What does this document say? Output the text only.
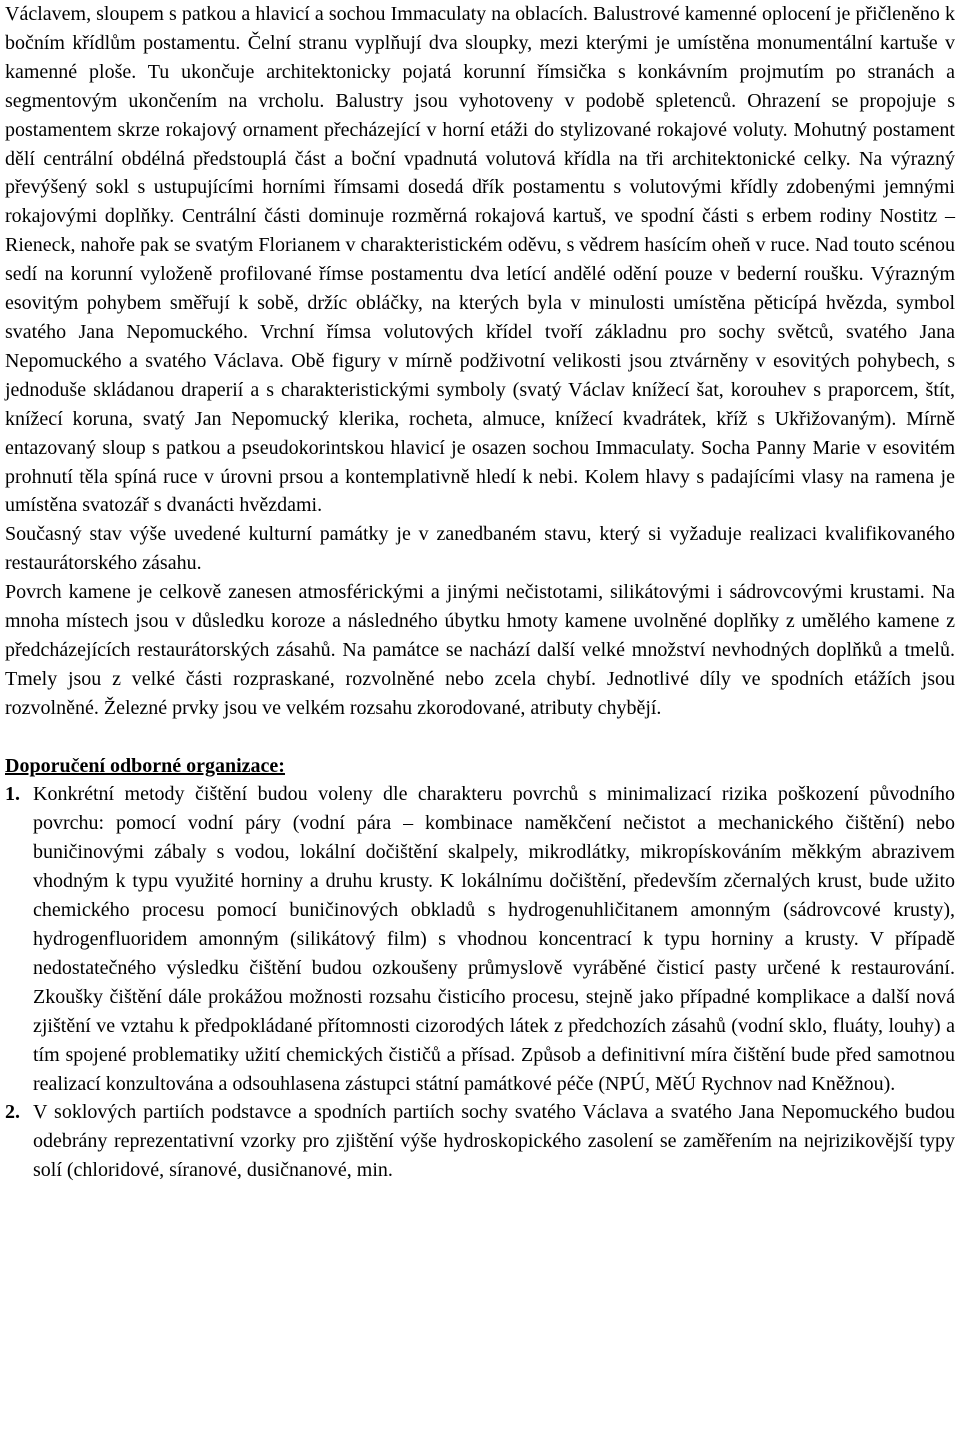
Václavem, sloupem s patkou a hlavicí a sochou Immaculaty na oblacích. Balustrové kamenné oplocení je přičleněno k bočním křídlům postamentu. Čelní stranu vyplňují dva sloupky, mezi kterými je umístěna monumentální kartuše v kamenné ploše. Tu ukončuje architektonicky pojatá korunní římsička s konkávním projmutím po stranách a segmentovým ukončením na vrcholu. Balustry jsou vyhotoveny v podobě spletenců. Ohrazení se propojuje s postamentem skrze rokajový ornament přecházející v horní etáži do stylizované rokajové voluty. Mohutný postament dělí centrální obdélná předstouplá část a boční vpadnutá volutová křídla na tři architektonické celky. Na výrazný převýšený sokl s ustupujícími horními římsami dosedá dřík postamentu s volutovými křídly zdobenými jemnými rokajovými doplňky. Centrální části dominuje rozměrná rokajová kartuš, ve spodní části s erbem rodiny Nostitz – Rieneck, nahoře pak se svatým Florianem v charakteristickém oděvu, s vědrem hasícím oheň v ruce. Nad touto scénou sedí na korunní vyloženě profilované římse postamentu dva letící andělé odění pouze v bederní roušku. Výrazným esovitým pohybem směřují k sobě, držíc obláčky, na kterých byla v minulosti umístěna pěticípá hvězda, symbol svatého Jana Nepomuckého. Vrchní římsa volutových křídel tvoří základnu pro sochy světců, svatého Jana Nepomuckého a svatého Václava. Obě figury v mírně podživotní velikosti jsou ztvárněny v esovitých pohybech, s jednoduše skládanou draperií a s charakteristickými symboly (svatý Václav knížecí šat, korouhev s praporcem, štít, knížecí koruna, svatý Jan Nepomucký klerika, rocheta, almuce, knížecí kvadrátek, kříž s Ukřižovaným). Mírně entazovaný sloup s patkou a pseudokorintskou hlavicí je osazen sochou Immaculaty. Socha Panny Marie v esovitém prohnutí těla spíná ruce v úrovni prsou a kontemplativně hledí k nebi. Kolem hlavy s padajícími vlasy na ramena je umístěna svatozář s dvanácti hvězdami.

Současný stav výše uvedené kulturní památky je v zanedbaném stavu, který si vyžaduje realizaci kvalifikovaného restaurátorského zásahu.

Povrch kamene je celkově zanesen atmosférickými a jinými nečistotami, silikátovými i sádrovcovými krustami. Na mnoha místech jsou v důsledku koroze a následného úbytku hmoty kamene uvolněné doplňky z umělého kamene z předcházejících restaurátorských zásahů. Na památce se nachází další velké množství nevhodných doplňků a tmelů. Tmely jsou z velké části rozpraskané, rozvolněné nebo zcela chybí. Jednotlivé díly ve spodních etážích jsou rozvolněné. Železné prvky jsou ve velkém rozsahu zkorodované, atributy chybějí.

Doporučení odborné organizace:
1. Konkrétní metody čištění budou voleny dle charakteru povrchů s minimalizací rizika poškození původního povrchu: pomocí vodní páry (vodní pára – kombinace naměkčení nečistot a mechanického čištění) nebo buničinovými zábaly s vodou, lokální dočištění skalpely, mikrodlátky, mikropískováním měkkým abrazivem vhodným k typu využité horniny a druhu krusty. K lokálnímu dočištění, především zčernalých krust, bude užito chemického procesu pomocí buničinových obkladů s hydrogenuhličitanem amonným (sádrovcové krusty), hydrogenfluoridem amonným (silikátový film) s vhodnou koncentrací k typu horniny a krusty. V případě nedostatečného výsledku čištění budou ozkoušeny průmyslově vyráběné čisticí pasty určené k restaurování. Zkoušky čištění dále prokážou možnosti rozsahu čisticího procesu, stejně jako případné komplikace a další nová zjištění ve vztahu k předpokládané přítomnosti cizorodých látek z předchozích zásahů (vodní sklo, fluáty, louhy) a tím spojené problematiky užití chemických čističů a přísad. Způsob a definitivní míra čištění bude před samotnou realizací konzultována a odsouhlasena zástupci státní památkové péče (NPÚ, MěÚ Rychnov nad Kněžnou).
2. V soklových partiích podstavce a spodních partiích sochy svatého Václava a svatého Jana Nepomuckého budou odebrány reprezentativní vzorky pro zjištění výše hydroskopického zasolení se zaměřením na nejrizikovější typy solí (chloridové, síranové, dusičnanové, min.
